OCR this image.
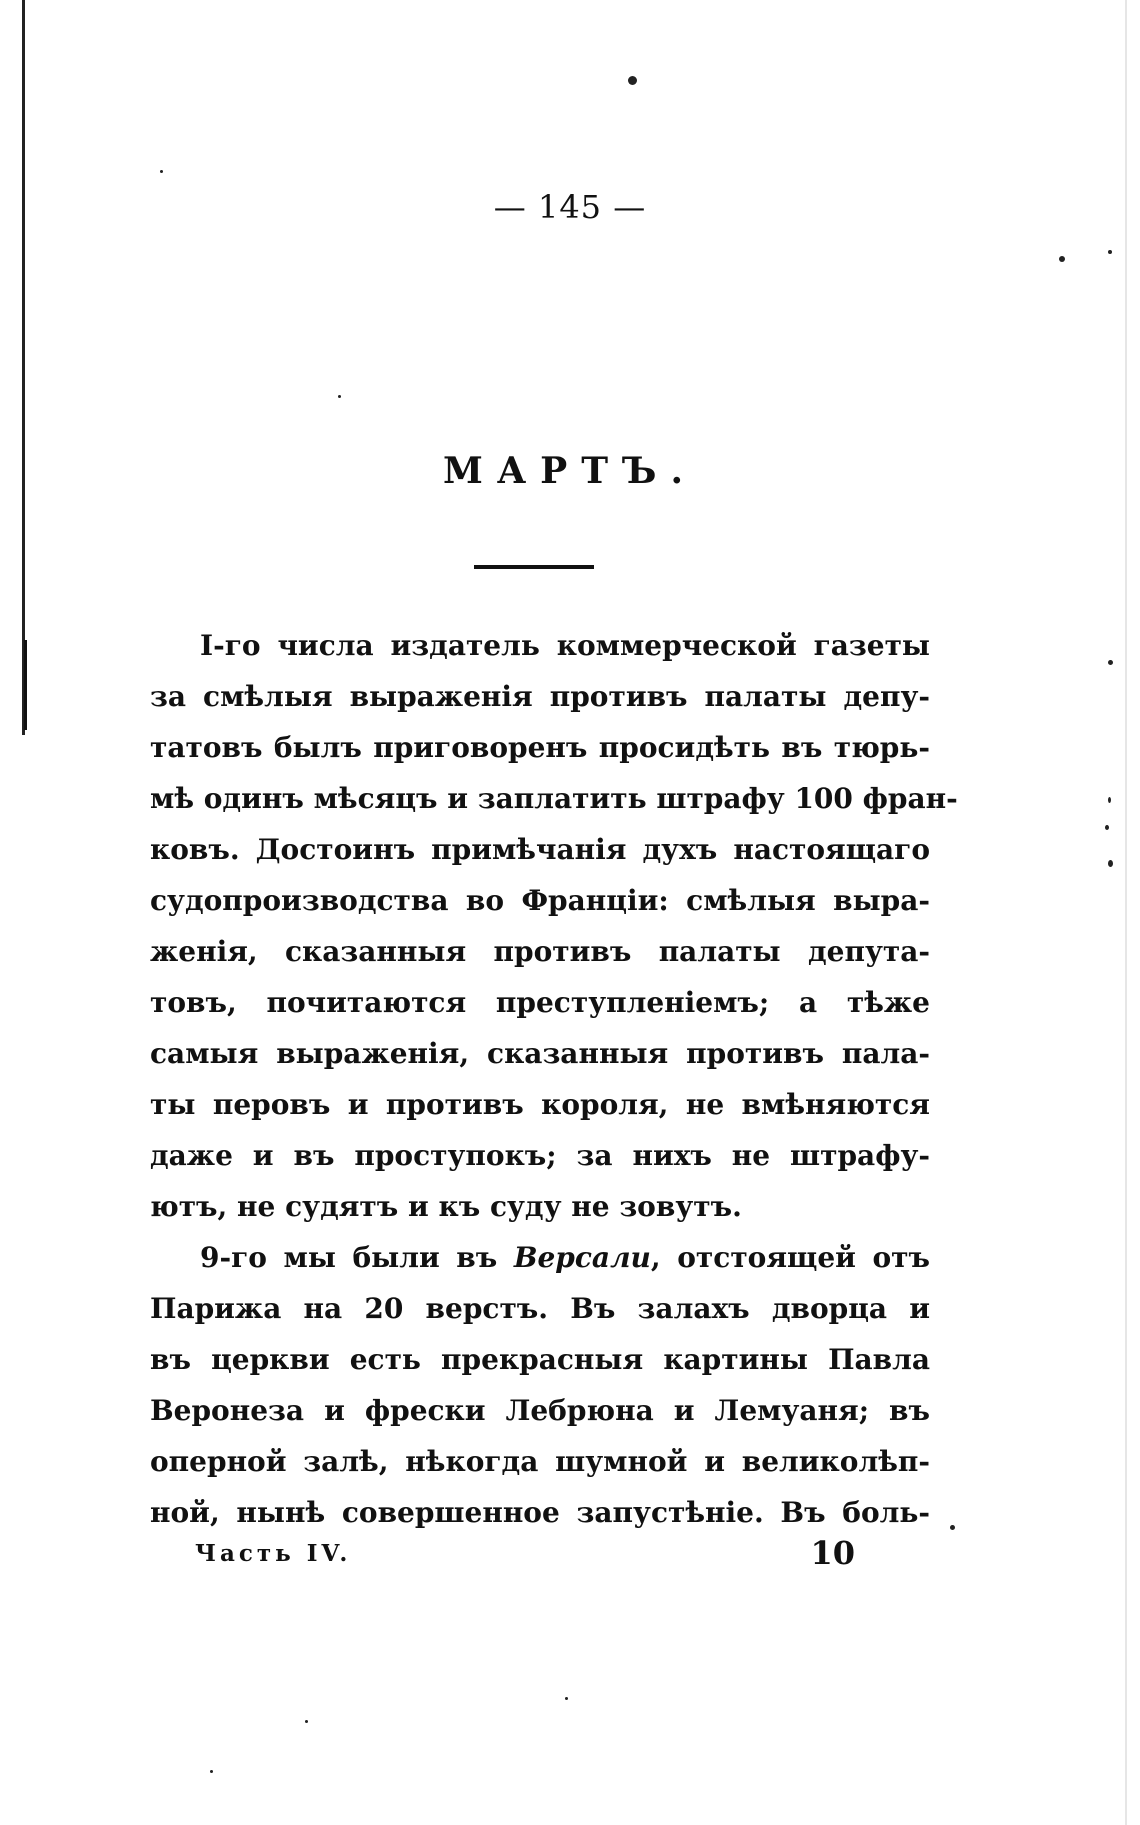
— 145 —
МАРТЪ.
I-го числа издатель коммерческой газеты
за смѣлыя выраженія противъ палаты депу-
татовъ былъ приговоренъ просидѣть въ тюрь-
мѣ одинъ мѣсяцъ и заплатить штрафу 100 фран-
ковъ. Достоинъ примѣчанія духъ настоящаго
судопроизводства во Франціи: смѣлыя выра-
женія, сказанныя противъ палаты депута-
товъ, почитаются преступленіемъ; а тѣже
самыя выраженія, сказанныя противъ пала-
ты перовъ и противъ короля, не вмѣняются
даже и въ проступокъ; за нихъ не штрафу-
ютъ, не судятъ и къ суду не зовутъ.
9-го мы были въ Версали, отстоящей отъ
Парижа на 20 верстъ. Въ залахъ дворца и
въ церкви есть прекрасныя картины Павла
Веронеза и фрески Лебрюна и Лемуаня; въ
оперной залѣ, нѣкогда шумной и великолѣп-
ной, нынѣ совершенное запустѣніе. Въ боль-
Часть IV.	10
